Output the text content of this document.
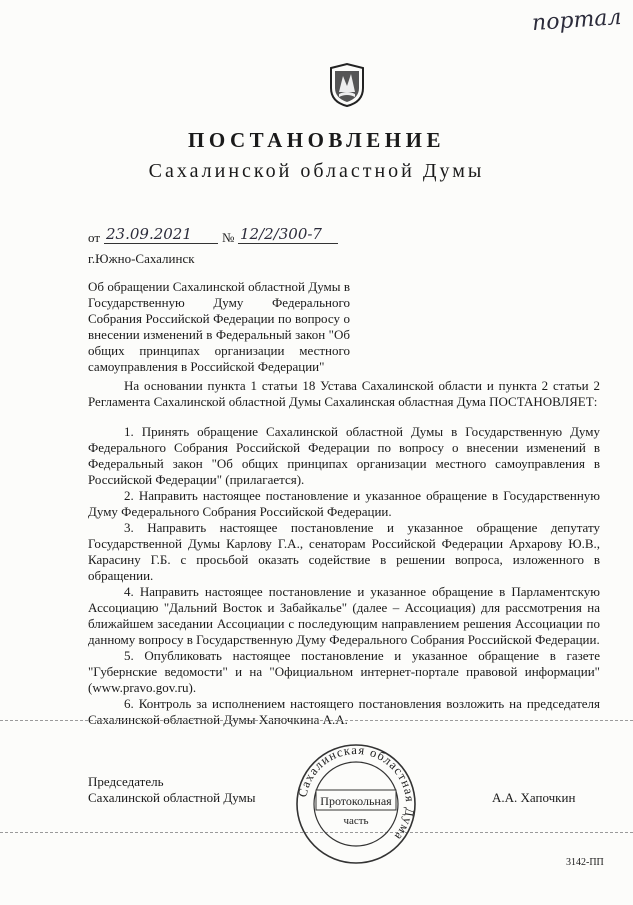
портал
ПОСТАНОВЛЕНИЕ
Сахалинской областной Думы
от 23.09.2021 № 12/2/300-7
г.Южно-Сахалинск
Об обращении Сахалинской областной Думы в Государственную Думу Федерального Собрания Российской Федерации по вопросу о внесении изменений в Федеральный закон "Об общих принципах организации местного самоуправления в Российской Федерации"

На основании пункта 1 статьи 18 Устава Сахалинской области и пункта 2 статьи 2 Регламента Сахалинской областной Думы Сахалинская областная Дума ПОСТАНОВЛЯЕТ:

1. Принять обращение Сахалинской областной Думы в Государственную Думу Федерального Собрания Российской Федерации по вопросу о внесении изменений в Федеральный закон "Об общих принципах организации местного самоуправления в Российской Федерации" (прилагается).

2. Направить настоящее постановление и указанное обращение в Государственную Думу Федерального Собрания Российской Федерации.

3. Направить настоящее постановление и указанное обращение депутату Государственной Думы Карлову Г.А., сенаторам Российской Федерации Архарову Ю.В., Карасину Г.Б. с просьбой оказать содействие в решении вопроса, изложенного в обращении.

4. Направить настоящее постановление и указанное обращение в Парламентскую Ассоциацию "Дальний Восток и Забайкалье" (далее – Ассоциация) для рассмотрения на ближайшем заседании Ассоциации с последующим направлением решения Ассоциации по данному вопросу в Государственную Думу Федерального Собрания Российской Федерации.

5. Опубликовать настоящее постановление и указанное обращение в газете "Губернские ведомости" и на "Официальном интернет-портале правовой информации" (www.pravo.gov.ru).

6. Контроль за исполнением настоящего постановления возложить на председателя Сахалинской областной Думы Хапочкина А.А.

Председатель
Сахалинской областной Думы	А.А. Хапочкин
Сахалинская областная Дума
Протокольная
часть
3142-ПП
